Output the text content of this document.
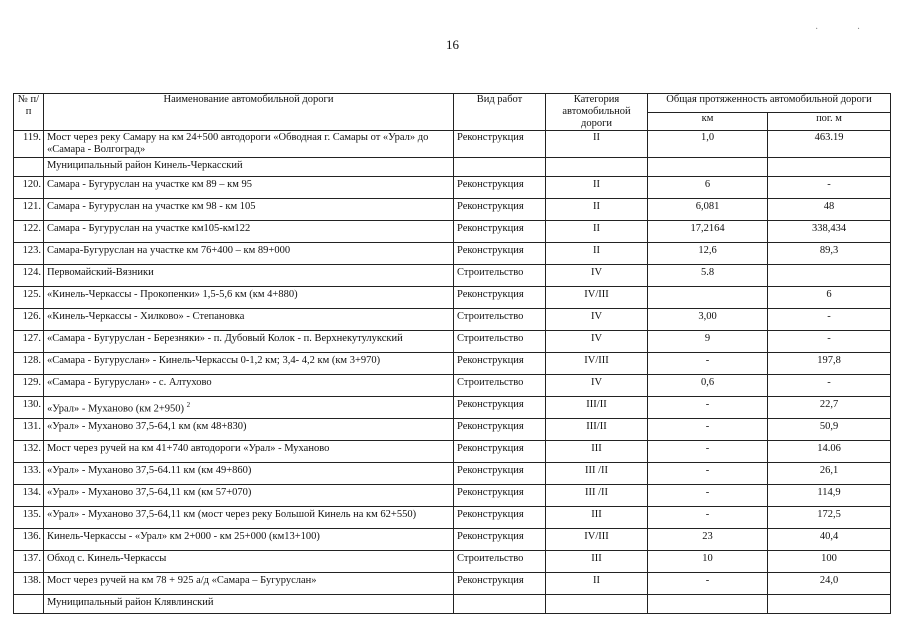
16
· ·
№ п/п	Наименование автомобильной дороги	Вид работ	Категория автомобильной дороги	Общая протяженность автомобильной дороги	
				км	пог. м
119.	Мост через реку Самару на км 24+500 автодороги «Обводная г. Самары от «Урал» до «Самара - Волгоград»	Реконструкция	II	1,0	463.19
	Муниципальный район Кинель-Черкасский				
120.	Самара - Бугуруслан на участке км 89 – км 95	Реконструкция	II	6	-
121.	Самара - Бугуруслан на участке км 98 - км 105	Реконструкция	II	6,081	48
122.	Самара - Бугуруслан на участке км105-км122	Реконструкция	II	17,2164	338,434
123.	Самара-Бугуруслан на участке км 76+400 – км 89+000	Реконструкция	II	12,6	89,3
124.	Первомайский-Вязники	Строительство	IV	5.8	
125.	«Кинель-Черкассы - Прокопенки» 1,5-5,6 км (км 4+880)	Реконструкция	IV/III		6
126.	«Кинель-Черкассы - Хилково» - Степановка	Строительство	IV	3,00	-
127.	«Самара - Бугуруслан - Березняки» - п. Дубовый Колок - п. Верхнекутулукский	Строительство	IV	9	-
128.	«Самара - Бугуруслан» - Кинель-Черкассы 0-1,2 км; 3,4- 4,2 км (км 3+970)	Реконструкция	IV/III	-	197,8
129.	«Самара - Бугуруслан» - с. Алтухово	Строительство	IV	0,6	-
130.	«Урал» - Муханово (км 2+950) $^2$	Реконструкция	III/II	-	22,7
131.	«Урал» - Муханово 37,5-64,1 км (км 48+830)	Реконструкция	III/II	-	50,9
132.	Мост через ручей на км 41+740 автодороги «Урал» - Муханово	Реконструкция	III	-	14.06
133.	«Урал» - Муханово 37,5-64.11 км (км 49+860)	Реконструкция	III /II	-	26,1
134.	«Урал» - Муханово 37,5-64,11 км (км 57+070)	Реконструкция	III /II	-	114,9
135.	«Урал» - Муханово 37,5-64,11 км (мост через реку Большой Кинель на км 62+550)	Реконструкция	III	-	172,5
136.	Кинель-Черкассы - «Урал» км 2+000 - км 25+000 (км13+100)	Реконструкция	IV/III	23	40,4
137.	Обход с. Кинель-Черкассы	Строительство	III	10	100
138.	Мост через ручей на км 78 + 925 а/д «Самара – Бугуруслан»	Реконструкция	II	-	24,0
	Муниципальный район Клявлинский				
